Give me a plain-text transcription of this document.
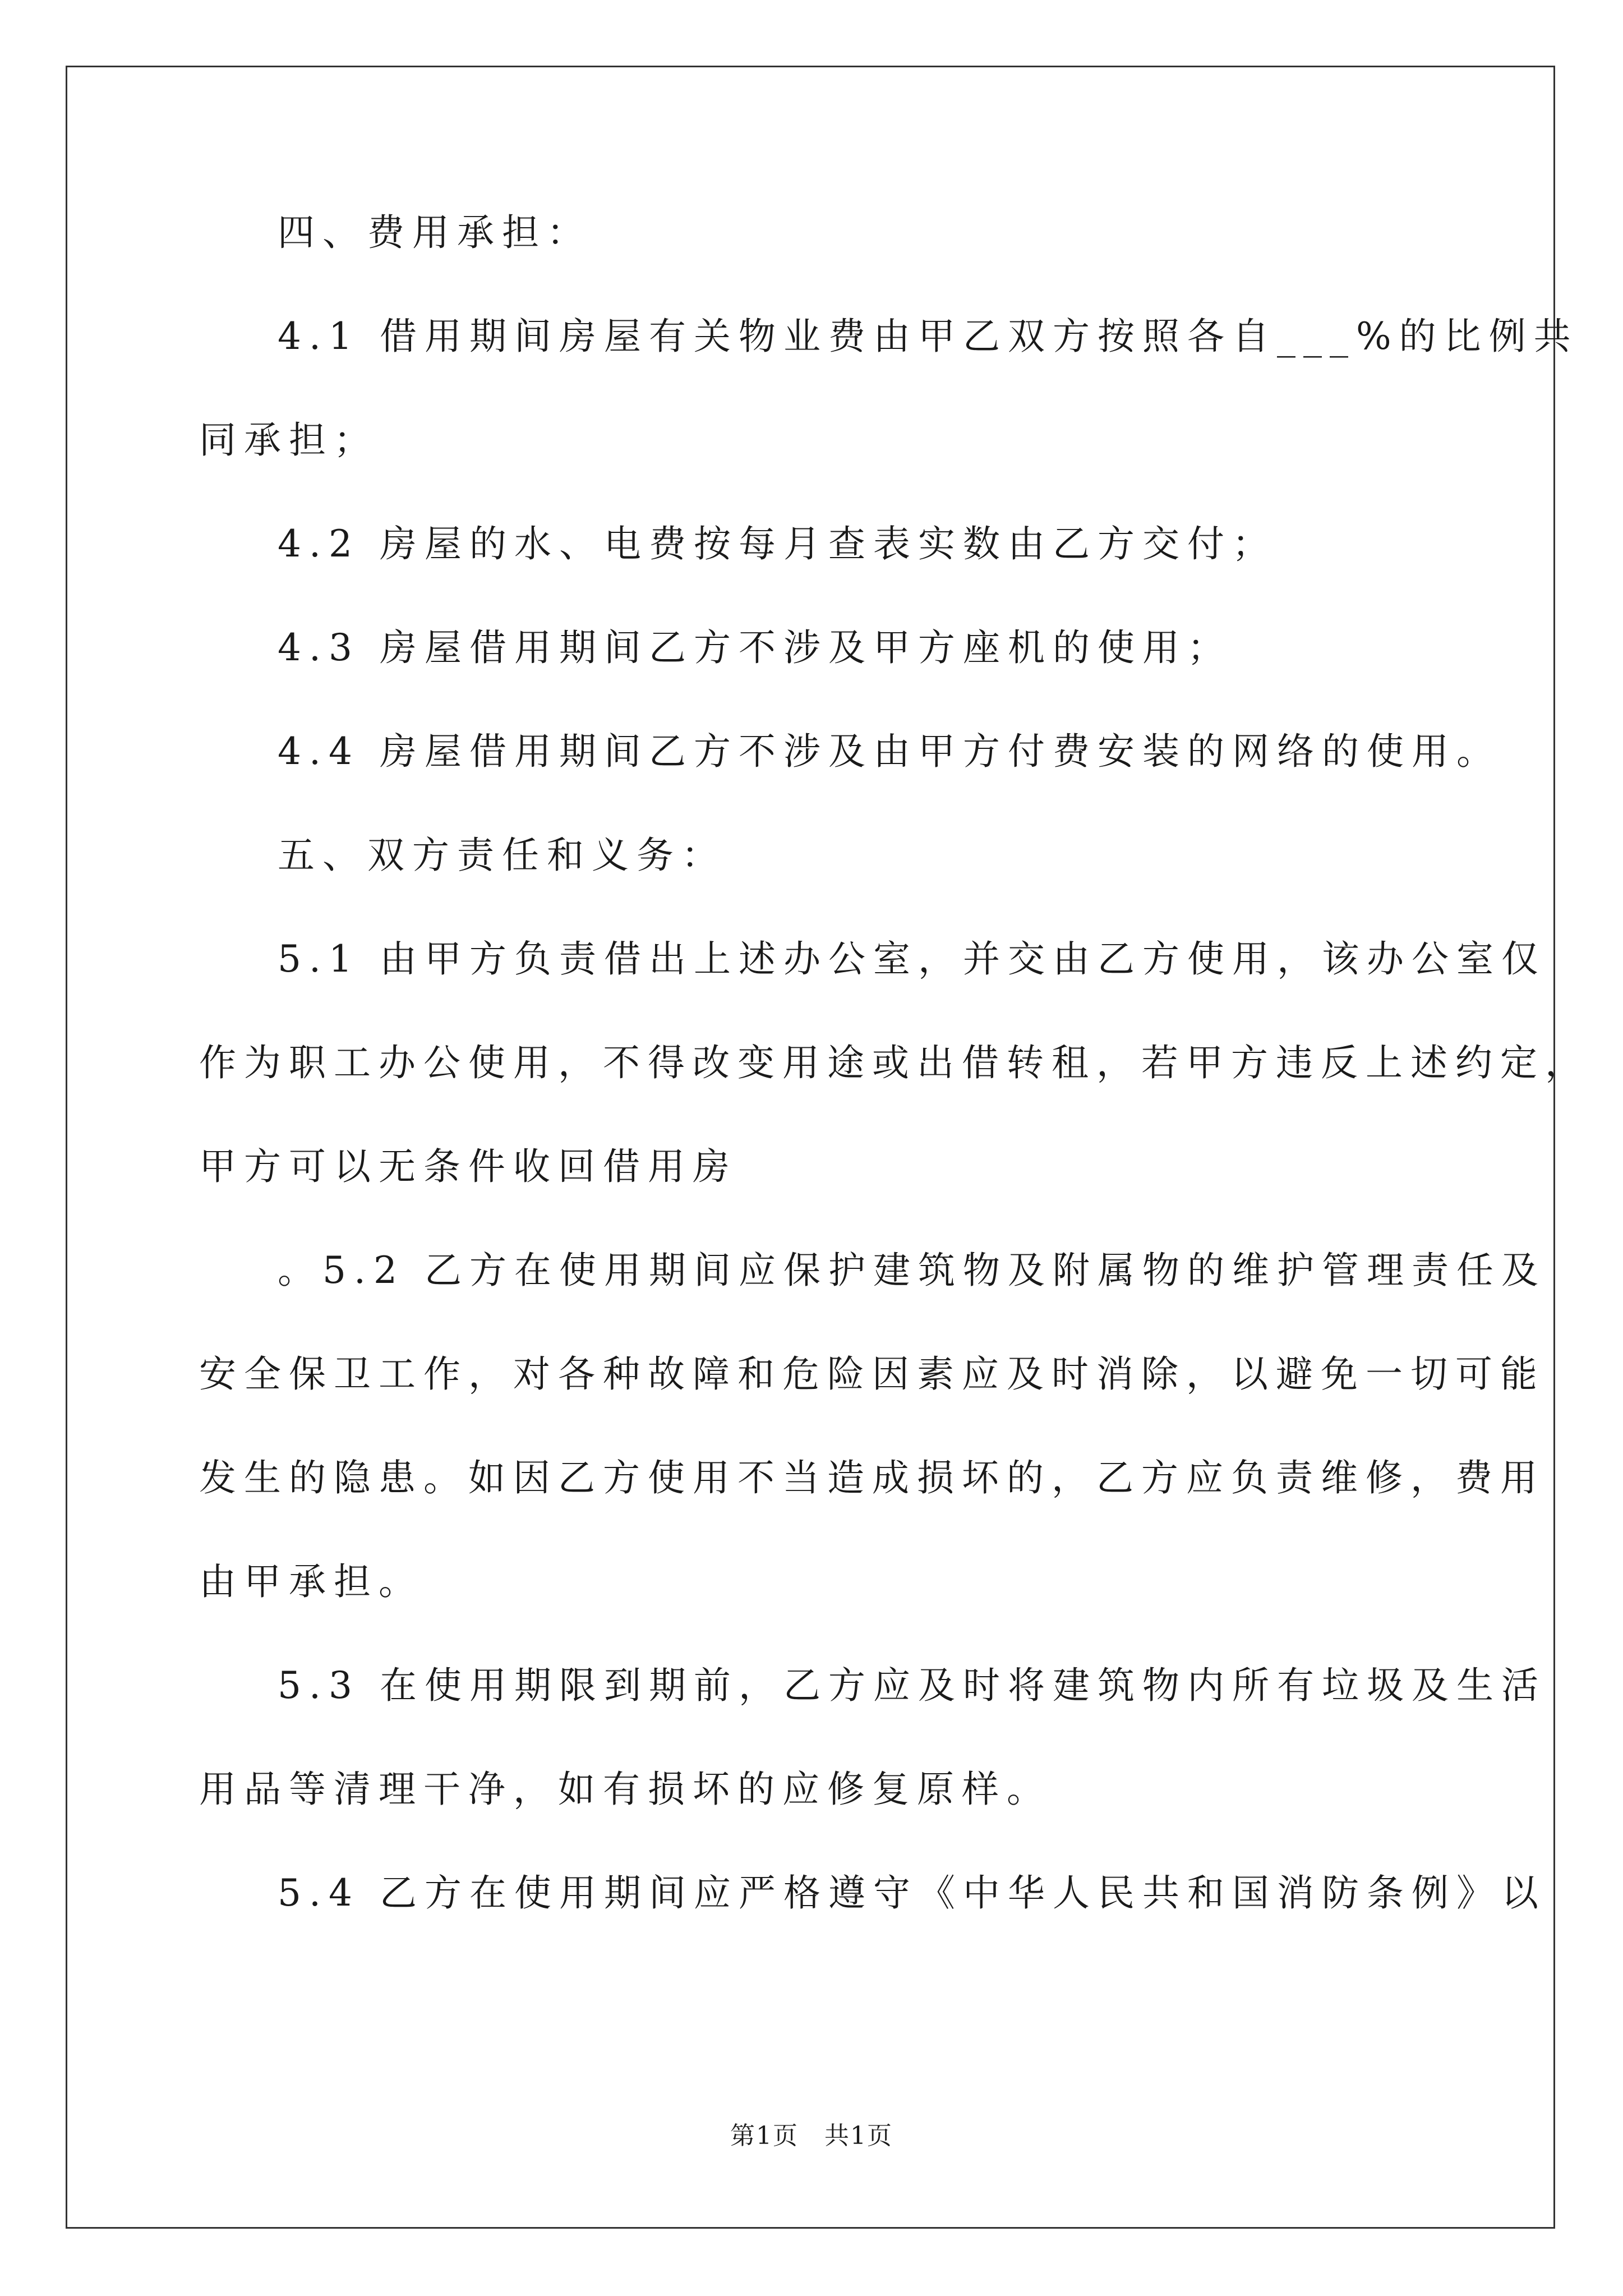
四、费用承担：
4.1 借用期间房屋有关物业费由甲乙双方按照各自___%的比例共
同承担；
4.2 房屋的水、电费按每月查表实数由乙方交付；
4.3 房屋借用期间乙方不涉及甲方座机的使用；
4.4 房屋借用期间乙方不涉及由甲方付费安装的网络的使用。
五、双方责任和义务：
5.1 由甲方负责借出上述办公室，并交由乙方使用，该办公室仅
作为职工办公使用，不得改变用途或出借转租，若甲方违反上述约定，
甲方可以无条件收回借用房
。5.2 乙方在使用期间应保护建筑物及附属物的维护管理责任及
安全保卫工作，对各种故障和危险因素应及时消除，以避免一切可能
发生的隐患。如因乙方使用不当造成损坏的，乙方应负责维修，费用
由甲承担。
5.3 在使用期限到期前，乙方应及时将建筑物内所有垃圾及生活
用品等清理干净，如有损坏的应修复原样。
5.4 乙方在使用期间应严格遵守《中华人民共和国消防条例》以
第1页　共1页
